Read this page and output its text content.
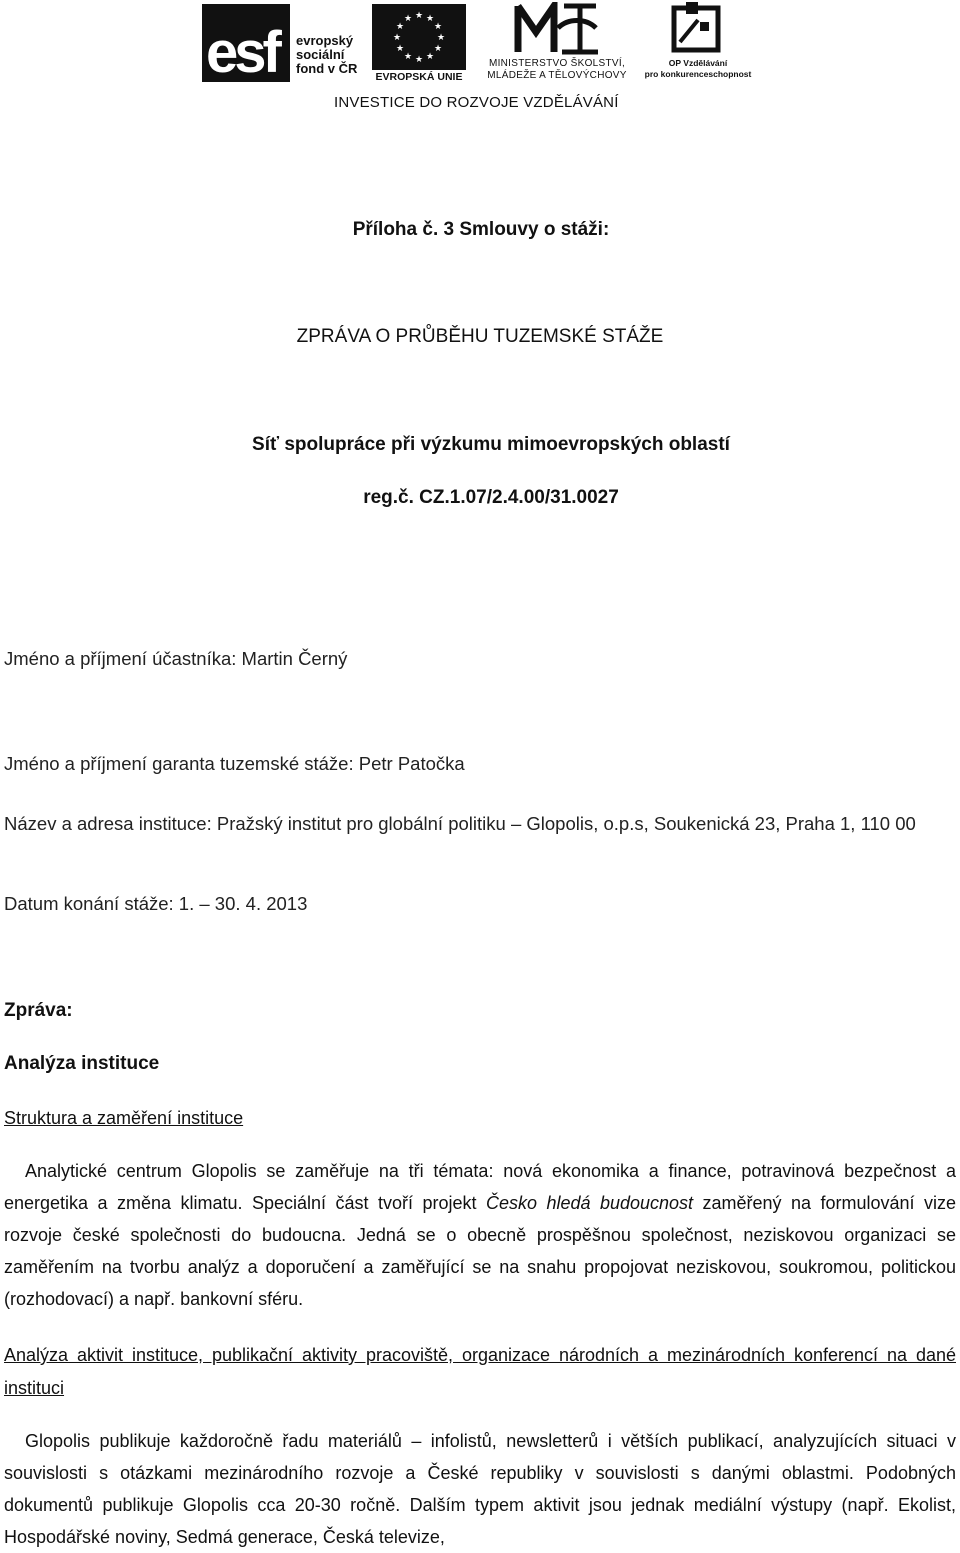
esf evropský
sociální
fond v ČR
★ ★
★
★
★
★
★
★
★
★
★
★
EVROPSKÁ UNIE
MINISTERSTVO ŠKOLSTVÍ,
MLÁDEŽE A TĚLOVÝCHOVY
OP Vzdělávání
pro konkurenceschopnost
INVESTICE DO ROZVOJE VZDĚLÁVÁNÍ
Příloha č. 3 Smlouvy o stáži:
ZPRÁVA O PRŮBĚHU TUZEMSKÉ STÁŽE
Síť spolupráce při výzkumu mimoevropských oblastí
reg.č. CZ.1.07/2.4.00/31.0027
Jméno a příjmení účastníka: Martin Černý
Jméno a příjmení garanta tuzemské stáže: Petr Patočka
Název a adresa instituce: Pražský institut pro globální politiku – Glopolis, o.p.s, Soukenická 23, Praha 1, 110 00
Datum konání stáže: 1. – 30. 4. 2013
Zpráva:
Analýza instituce
Struktura a zaměření instituce
Analytické centrum Glopolis se zaměřuje na tři témata: nová ekonomika a finance, potravinová bezpečnost a energetika a změna klimatu. Speciální část tvoří projekt Česko hledá budoucnost zaměřený na formulování vize rozvoje české společnosti do budoucna. Jedná se o obecně prospěšnou společnost, neziskovou organizaci se zaměřením na tvorbu analýz a doporučení a zaměřující se na snahu propojovat neziskovou, soukromou, politickou (rozhodovací) a např. bankovní sféru.
Analýza aktivit instituce, publikační aktivity pracoviště, organizace národních a mezinárodních konferencí na dané instituci
Glopolis publikuje každoročně řadu materiálů – infolistů, newsletterů i větších publikací, analyzujících situaci v souvislosti s otázkami mezinárodního rozvoje a České republiky v souvislosti s danými oblastmi. Podobných dokumentů publikuje Glopolis cca 20-30 ročně. Dalším typem aktivit jsou jednak mediální výstupy (např. Ekolist, Hospodářské noviny, Sedmá generace, Česká televize,
